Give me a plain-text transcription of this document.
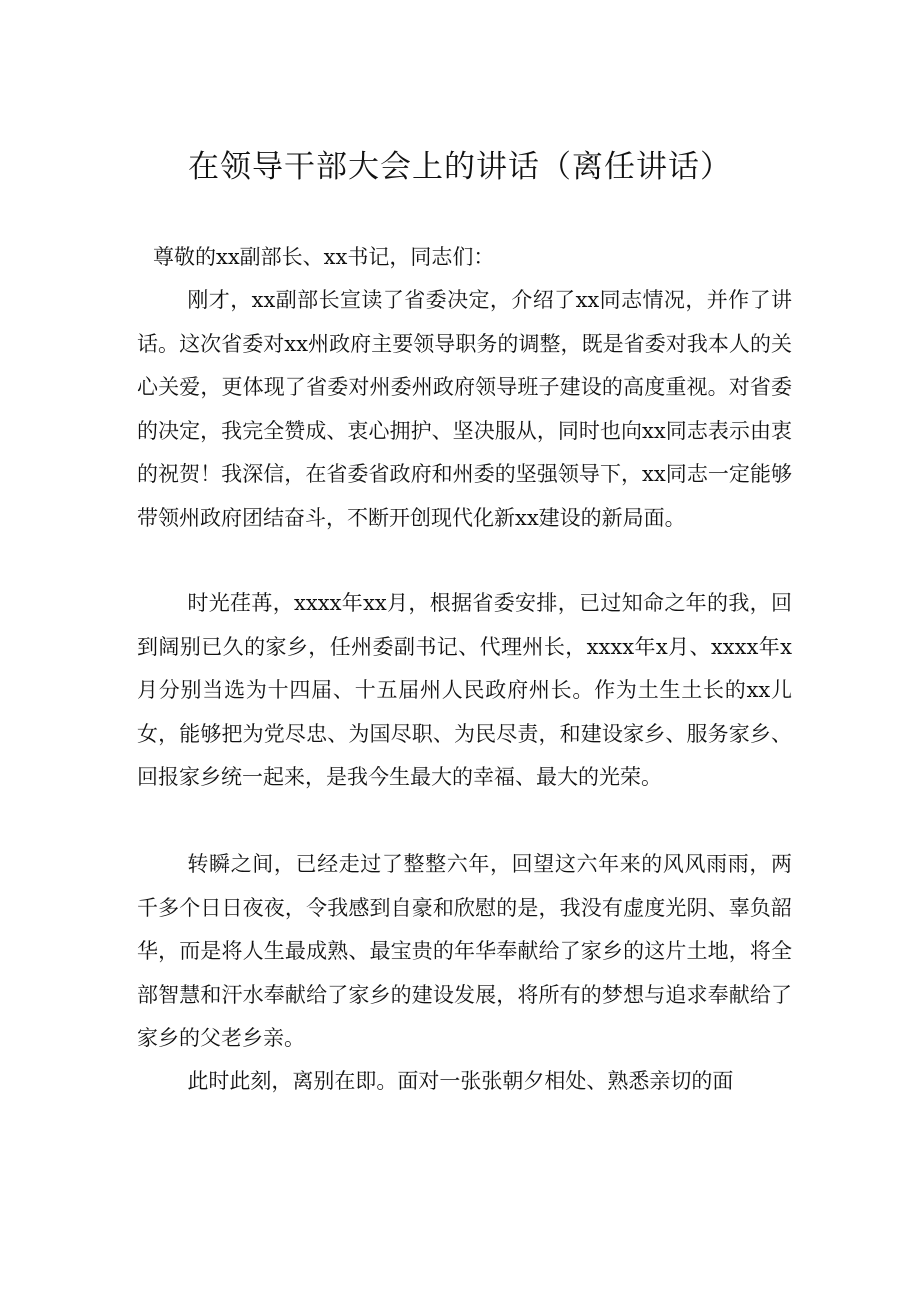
在领导干部大会上的讲话（离任讲话）
尊敬的xx副部长、xx书记，同志们：

刚才，xx副部长宣读了省委决定，介绍了xx同志情况，并作了讲话。这次省委对xx州政府主要领导职务的调整，既是省委对我本人的关心关爱，更体现了省委对州委州政府领导班子建设的高度重视。对省委的决定，我完全赞成、衷心拥护、坚决服从，同时也向xx同志表示由衷的祝贺！我深信，在省委省政府和州委的坚强领导下，xx同志一定能够带领州政府团结奋斗，不断开创现代化新xx建设的新局面。

时光荏苒，xxxx年xx月，根据省委安排，已过知命之年的我，回到阔别已久的家乡，任州委副书记、代理州长，xxxx年x月、xxxx年x月分别当选为十四届、十五届州人民政府州长。作为土生土长的xx儿女，能够把为党尽忠、为国尽职、为民尽责，和建设家乡、服务家乡、回报家乡统一起来，是我今生最大的幸福、最大的光荣。

转瞬之间，已经走过了整整六年，回望这六年来的风风雨雨，两千多个日日夜夜，令我感到自豪和欣慰的是，我没有虚度光阴、辜负韶华，而是将人生最成熟、最宝贵的年华奉献给了家乡的这片土地，将全部智慧和汗水奉献给了家乡的建设发展，将所有的梦想与追求奉献给了家乡的父老乡亲。

此时此刻，离别在即。面对一张张朝夕相处、熟悉亲切的面
